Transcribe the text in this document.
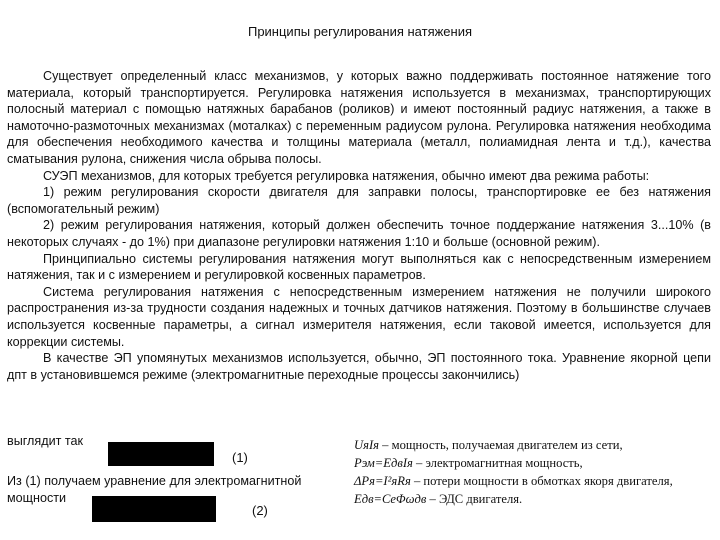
Принципы регулирования натяжения

Существует определенный класс механизмов, у которых важно поддерживать постоянное натяжение того материала, который транспортируется. Регулировка натяжения используется в механизмах, транспортирующих полосный материал с помощью натяжных барабанов (роликов) и имеют постоянный радиус натяжения, а также в намоточно-размоточных механизмах (моталках) с переменным радиусом рулона. Регулировка натяжения необходима для обеспечения необходимого качества и толщины материала (металл, полиамидная лента и т.д.), качества сматывания рулона, снижения числа обрыва полосы.

СУЭП механизмов, для которых требуется регулировка натяжения, обычно имеют два режима работы:

1) режим регулирования скорости двигателя для заправки полосы, транспортировке ее без натяжения (вспомогательный режим)

2) режим регулирования натяжения, который должен обеспечить точное поддержание натяжения 3...10% (в некоторых случаях - до 1%) при диапазоне регулировки натяжения 1:10 и больше (основной режим).

Принципиально системы регулирования натяжения могут выполняться как с непосредственным измерением натяжения, так и с измерением и регулировкой косвенных параметров.

Система регулирования натяжения с непосредственным измерением натяжения не получили широкого распространения из-за трудности создания надежных и точных датчиков натяжения. Поэтому в большинстве случаев используется косвенные параметры, а сигнал измерителя натяжения, если таковой имеется, используется для коррекции системы.

В качестве ЭП упомянутых механизмов используется, обычно, ЭП постоянного тока. Уравнение якорной цепи дпт в установившемся режиме (электромагнитные переходные процессы закончились)

выглядит так
(1)
Из (1) получаем уравнение для электромагнитной
мощности
(2)
UяIя – мощность, получаемая двигателем из сети,
Pэм=EдвIя – электромагнитная мощность,
ΔPя=I²яRя – потери мощности в обмотках якоря двигателя,
Eдв=CеΦωдв – ЭДС двигателя.
